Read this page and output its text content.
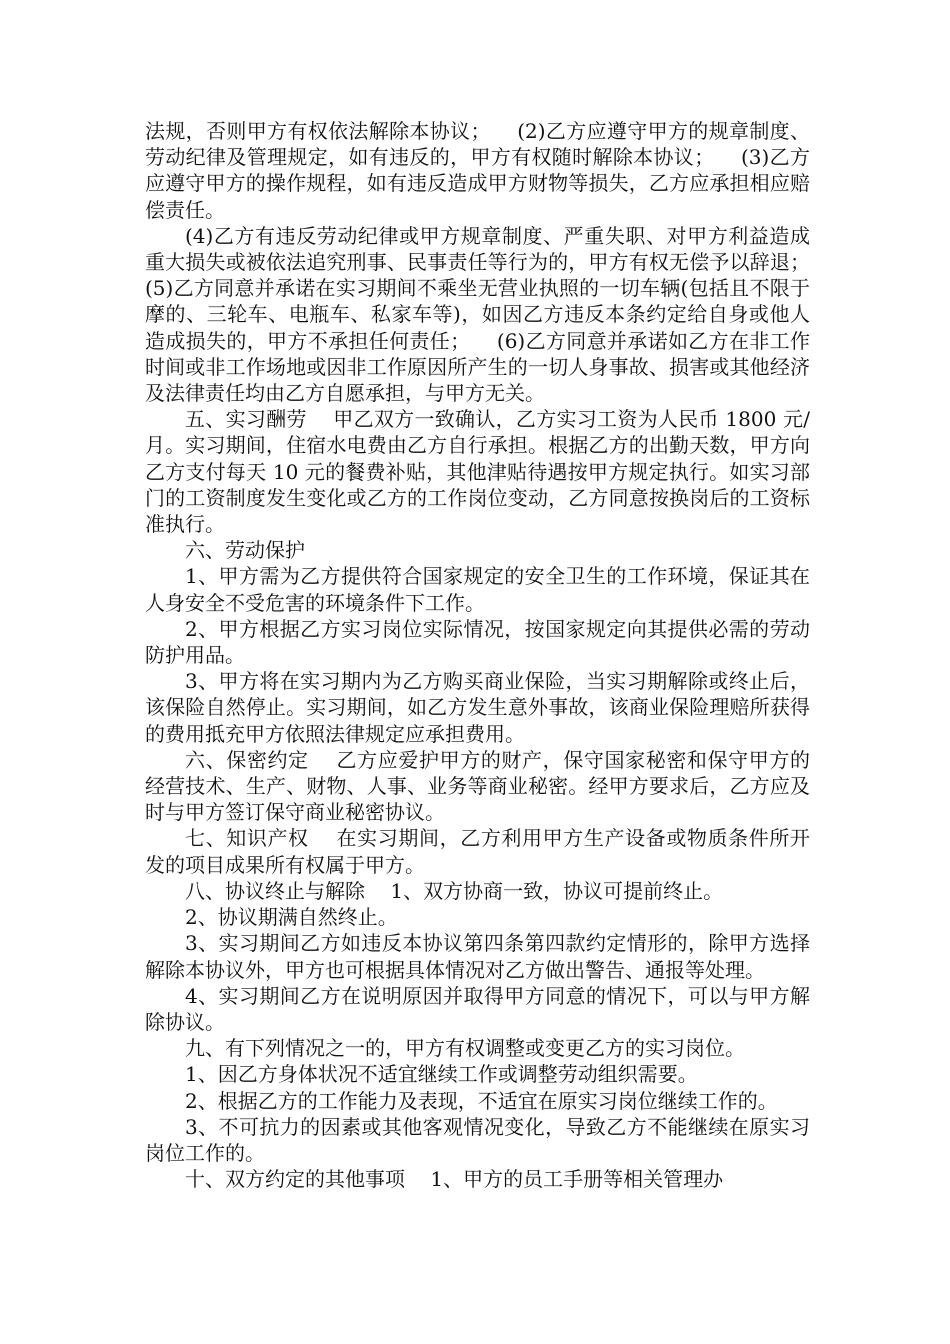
法规，否则甲方有权依法解除本协议；    (2)乙方应遵守甲方的规章制度、劳动纪律及管理规定，如有违反的，甲方有权随时解除本协议；    (3)乙方应遵守甲方的操作规程，如有违反造成甲方财物等损失，乙方应承担相应赔偿责任。

(4)乙方有违反劳动纪律或甲方规章制度、严重失职、对甲方利益造成重大损失或被依法追究刑事、民事责任等行为的，甲方有权无偿予以辞退；    (5)乙方同意并承诺在实习期间不乘坐无营业执照的一切车辆(包括且不限于摩的、三轮车、电瓶车、私家车等)，如因乙方违反本条约定给自身或他人造成损失的，甲方不承担任何责任；    (6)乙方同意并承诺如乙方在非工作时间或非工作场地或因非工作原因所产生的一切人身事故、损害或其他经济及法律责任均由乙方自愿承担，与甲方无关。

五、实习酬劳    甲乙双方一致确认，乙方实习工资为人民币 1800 元/月。实习期间，住宿水电费由乙方自行承担。根据乙方的出勤天数，甲方向乙方支付每天 10 元的餐费补贴，其他津贴待遇按甲方规定执行。如实习部门的工资制度发生变化或乙方的工作岗位变动，乙方同意按换岗后的工资标准执行。

六、劳动保护

1、甲方需为乙方提供符合国家规定的安全卫生的工作环境，保证其在人身安全不受危害的环境条件下工作。

2、甲方根据乙方实习岗位实际情况，按国家规定向其提供必需的劳动防护用品。

3、甲方将在实习期内为乙方购买商业保险，当实习期解除或终止后，该保险自然停止。实习期间，如乙方发生意外事故，该商业保险理赔所获得的费用抵充甲方依照法律规定应承担费用。

六、保密约定    乙方应爱护甲方的财产，保守国家秘密和保守甲方的经营技术、生产、财物、人事、业务等商业秘密。经甲方要求后，乙方应及时与甲方签订保守商业秘密协议。

七、知识产权    在实习期间，乙方利用甲方生产设备或物质条件所开发的项目成果所有权属于甲方。

八、协议终止与解除    1、双方协商一致，协议可提前终止。

2、协议期满自然终止。

3、实习期间乙方如违反本协议第四条第四款约定情形的，除甲方选择解除本协议外，甲方也可根据具体情况对乙方做出警告、通报等处理。

4、实习期间乙方在说明原因并取得甲方同意的情况下，可以与甲方解除协议。

九、有下列情况之一的，甲方有权调整或变更乙方的实习岗位。

1、因乙方身体状况不适宜继续工作或调整劳动组织需要。

2、根据乙方的工作能力及表现，不适宜在原实习岗位继续工作的。

3、不可抗力的因素或其他客观情况变化，导致乙方不能继续在原实习岗位工作的。

十、双方约定的其他事项    1、甲方的员工手册等相关管理办
